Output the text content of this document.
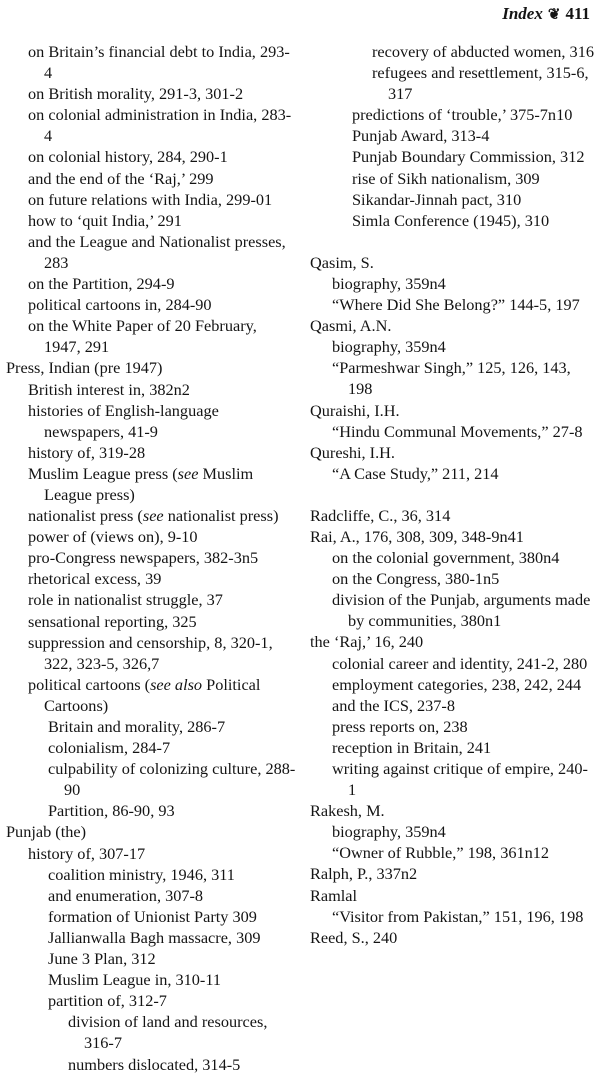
Index ❦ 411
on Britain’s financial debt to India, 293-4
on British morality, 291-3, 301-2
on colonial administration in India, 283-4
on colonial history, 284, 290-1
and the end of the ‘Raj,’ 299
on future relations with India, 299-01
how to ‘quit India,’ 291
and the League and Nationalist presses, 283
on the Partition, 294-9
political cartoons in, 284-90
on the White Paper of 20 February, 1947, 291
Press, Indian (pre 1947)
British interest in, 382n2
histories of English-language newspapers, 41-9
history of, 319-28
Muslim League press (see Muslim League press)
nationalist press (see nationalist press)
power of (views on), 9-10
pro-Congress newspapers, 382-3n5
rhetorical excess, 39
role in nationalist struggle, 37
sensational reporting, 325
suppression and censorship, 8, 320-1, 322, 323-5, 326,7
political cartoons (see also Political Cartoons)
Britain and morality, 286-7
colonialism, 284-7
culpability of colonizing culture, 288-90
Partition, 86-90, 93
Punjab (the)
history of, 307-17
coalition ministry, 1946, 311
and enumeration, 307-8
formation of Unionist Party 309
Jallianwalla Bagh massacre, 309
June 3 Plan, 312
Muslim League in, 310-11
partition of, 312-7
division of land and resources, 316-7
numbers dislocated, 314-5
recovery of abducted women, 316
refugees and resettlement, 315-6, 317
predictions of ‘trouble,’ 375-7n10
Punjab Award, 313-4
Punjab Boundary Commission, 312
rise of Sikh nationalism, 309
Sikandar-Jinnah pact, 310
Simla Conference (1945), 310
Qasim, S.
biography, 359n4
“Where Did She Belong?” 144-5, 197
Qasmi, A.N.
biography, 359n4
“Parmeshwar Singh,” 125, 126, 143, 198
Quraishi, I.H.
“Hindu Communal Movements,” 27-8
Qureshi, I.H.
“A Case Study,” 211, 214
Radcliffe, C., 36, 314
Rai, A., 176, 308, 309, 348-9n41
on the colonial government, 380n4
on the Congress, 380-1n5
division of the Punjab, arguments made by communities, 380n1
the ‘Raj,’ 16, 240
colonial career and identity, 241-2, 280
employment categories, 238, 242, 244
and the ICS, 237-8
press reports on, 238
reception in Britain, 241
writing against critique of empire, 240-1
Rakesh, M.
biography, 359n4
“Owner of Rubble,” 198, 361n12
Ralph, P., 337n2
Ramlal
“Visitor from Pakistan,” 151, 196, 198
Reed, S., 240
